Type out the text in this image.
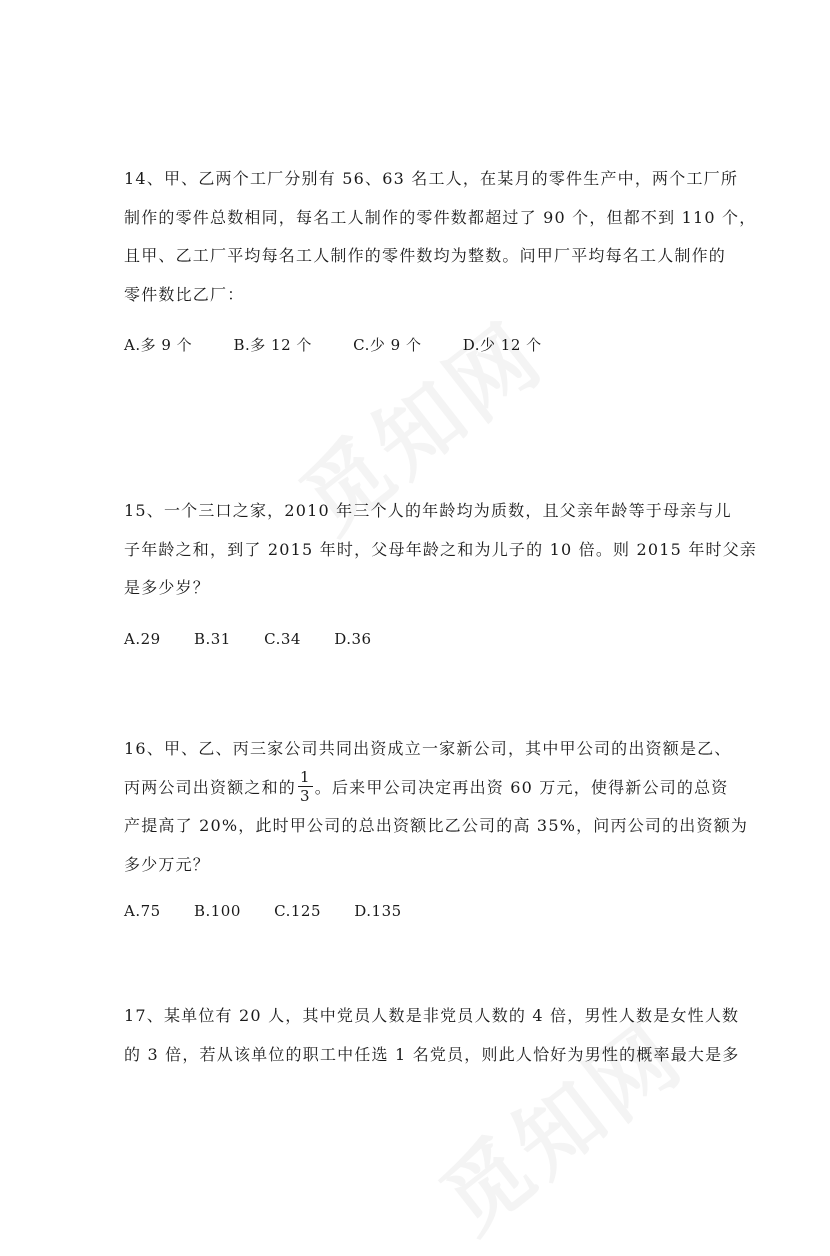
14、甲、乙两个工厂分别有 56、63 名工人，在某月的零件生产中，两个工厂所
制作的零件总数相同，每名工人制作的零件数都超过了 90 个，但都不到 110 个，
且甲、乙工厂平均每名工人制作的零件数均为整数。问甲厂平均每名工人制作的
零件数比乙厂：
A.多 9 个	B.多 12 个	C.少 9 个	D.少 12 个
15、一个三口之家，2010 年三个人的年龄均为质数，且父亲年龄等于母亲与儿
子年龄之和，到了 2015 年时，父母年龄之和为儿子的 10 倍。则 2015 年时父亲
是多少岁？
A.29 B.31 C.34 D.36
16、甲、乙、丙三家公司共同出资成立一家新公司，其中甲公司的出资额是乙、
丙两公司出资额之和的 $\frac{1}{3}$ 。后来甲公司决定再出资 60 万元，使得新公司的总资
产提高了 20%，此时甲公司的总出资额比乙公司的高 35%，问丙公司的出资额为
多少万元？
A.75 B.100 C.125 D.135
17、某单位有 20 人，其中党员人数是非党员人数的 4 倍，男性人数是女性人数
的 3 倍，若从该单位的职工中任选 1 名党员，则此人恰好为男性的概率最大是多
